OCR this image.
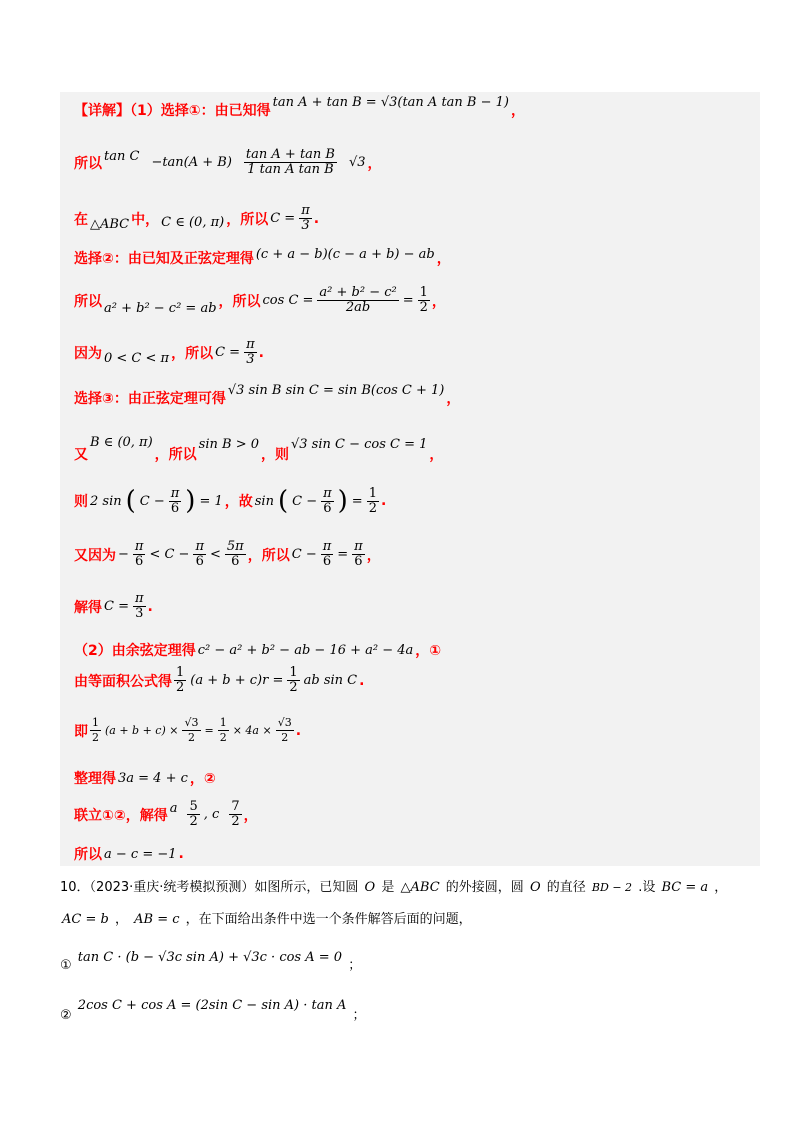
【详解】（1）选择①：由已知得
tan A + tan B = √3(tan A tan B − 1)
，
所以 $\tan C -\tan(A + B) \frac{\text{tan A + tan B}}{\text{1 tan A tan B}} √3$ ，
在 △ABC 中， C ∈ (0, π) ，所以 $C = \frac{\pi}{3}$ .
选择②：由已知及正弦定理得 (c + a − b)(c − a + b) − ab ，
所以 a² + b² − c² = ab ，所以 $\cos C = \frac{\text{a² + b² − c²}}{2ab} = \frac{1}{2}$ ，
因为 0 < C < π ，所以 $C = \frac{\pi}{3}$ .
选择③：由正弦定理可得
√3 sin B sin C = sin B(cos C + 1)
，
又
B ∈ (0, π)
，所以
sin B > 0
，则
√3 sin C − cos C = 1
，
则 2 sin ( $C - \frac{\pi}{6}$ ) = 1 ，故 sin ( $C - \frac{\pi}{6}$ ) = $\frac{1}{2}$ .
又因为 − $\frac{\pi}{6} < C - \frac{\pi}{6} < \frac{5\pi}{6}$ ，所以 $C - \frac{\pi}{6} = \frac{\pi}{6}$ ，
解得 $C = \frac{\pi}{3}$ .
（2）由余弦定理得 c² − a² + b² − ab − 16 + a² − 4a ，①
由等面积公式得 $\frac{1}{2} (a + b + c)r = \frac{1}{2}$ ab sin C .
即 $\frac{1}{2} (a + b + c) \times \frac{√3}{2} = \frac{1}{2} \times 4a \times \frac{√3}{2}$ .
整理得 3a = 4 + c ，②
联立①②，解得 a $\frac{5}{2}$ , c $\frac{7}{2}$ ，
所以 a − c = −1 .
10．（2023·重庆·统考模拟预测）如图所示，已知圆 O 是 △ABC 的外接圆，圆 O 的直径 BD − 2 .设 BC = a ，
AC = b ， AB = c ，在下面给出条件中选一个条件解答后面的问题，
① tan C · (b − √3c sin A) + √3c · cos A = 0 ；
② 2cos C + cos A = (2sin C − sin A) · tan A ；
